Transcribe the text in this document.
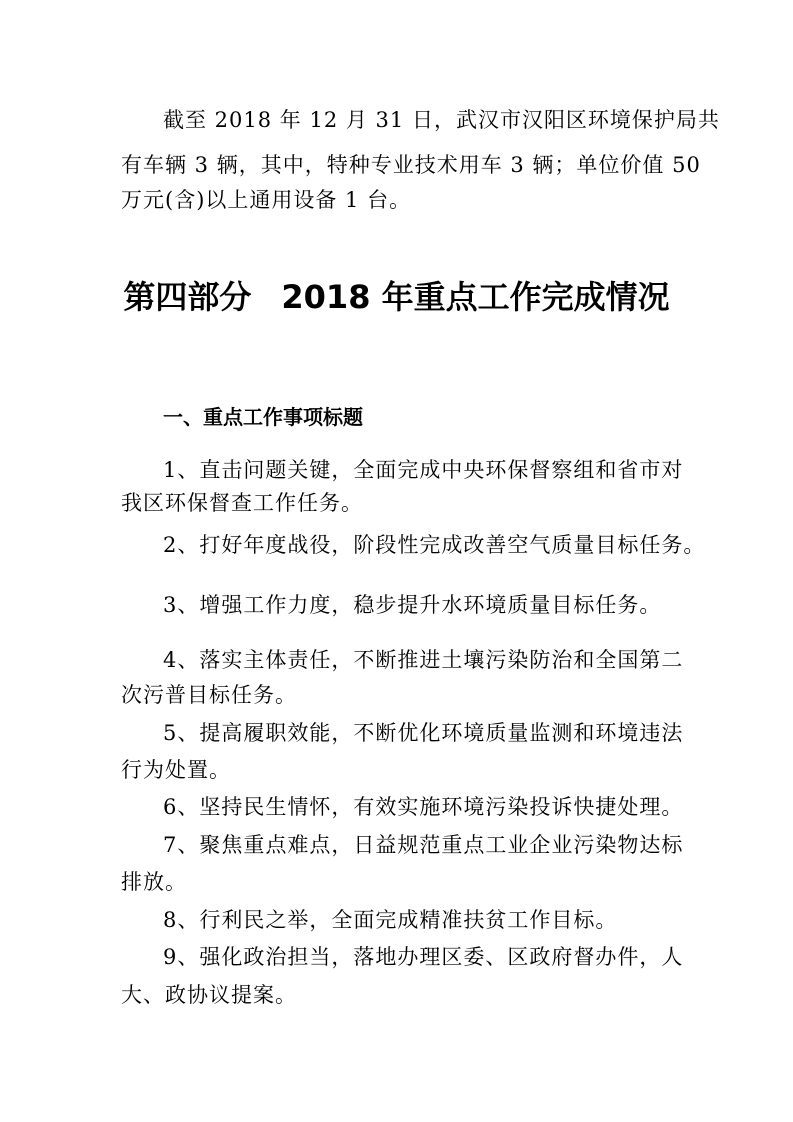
截至 2018 年 12 月 31 日，武汉市汉阳区环境保护局共
有车辆 3 辆，其中，特种专业技术用车 3 辆；单位价值 50
万元(含)以上通用设备 1 台。
第四部分 2018 年重点工作完成情况
一、重点工作事项标题
1、直击问题关键，全面完成中央环保督察组和省市对
我区环保督查工作任务。
2、打好年度战役，阶段性完成改善空气质量目标任务。
3、增强工作力度，稳步提升水环境质量目标任务。
4、落实主体责任，不断推进土壤污染防治和全国第二
次污普目标任务。
5、提高履职效能，不断优化环境质量监测和环境违法
行为处置。
6、坚持民生情怀，有效实施环境污染投诉快捷处理。
7、聚焦重点难点，日益规范重点工业企业污染物达标
排放。
8、行利民之举，全面完成精准扶贫工作目标。
9、强化政治担当，落地办理区委、区政府督办件，人
大、政协议提案。
